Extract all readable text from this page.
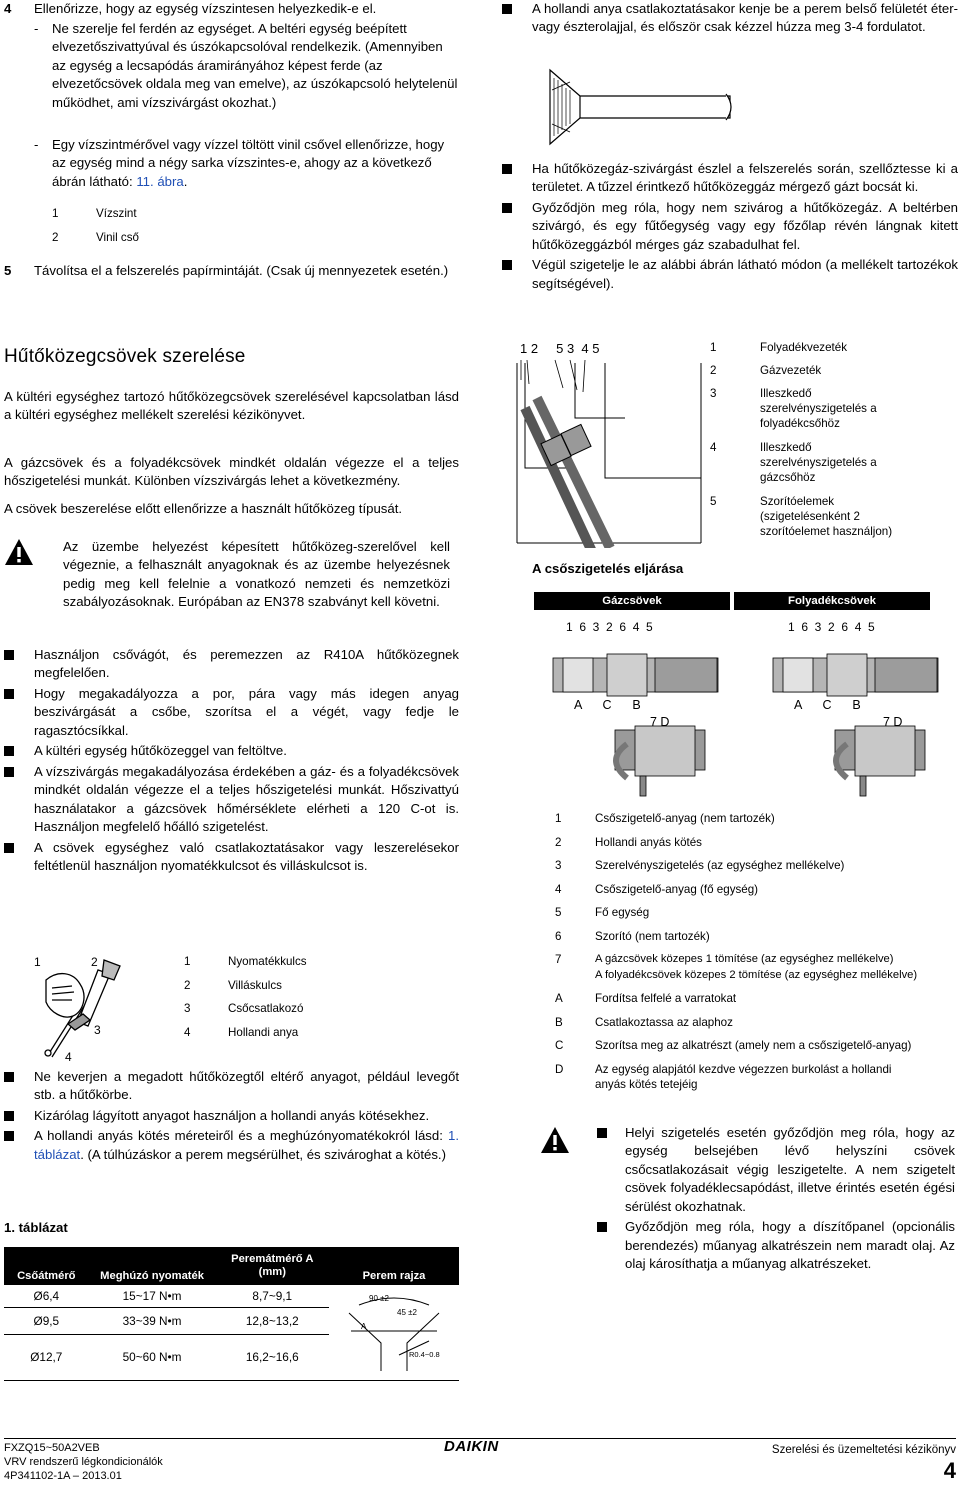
4 Ellenőrizze, hogy az egység vízszintesen helyezkedik-e el.
- Ne szerelje fel ferdén az egységet. A beltéri egység beépített elvezetőszivattyúval és úszókapcsolóval rendelkezik. (Amennyiben az egység a lecsapódás áramirányához képest ferde (az elvezetőcsövek oldala meg van emelve), az úszókapcsoló helytelenül működhet, ami vízszivárgást okozhat.)
- Egy vízszintmérővel vagy vízzel töltött vinil csővel ellenőrizze, hogy az egység mind a négy sarka vízszintes-e, ahogy az a következő ábrán látható: 11. ábra.
1	Vízszint
2	Vinil cső
5 Távolítsa el a felszerelés papírmintáját. (Csak új mennyezetek esetén.)
Hűtőközegcsövek szerelése
A kültéri egységhez tartozó hűtőközegcsövek szerelésével kapcsolatban lásd a kültéri egységhez mellékelt szerelési kézikönyvet.
A gázcsövek és a folyadékcsövek mindkét oldalán végezze el a teljes hőszigetelési munkát. Különben vízszivárgás lehet a következmény.
A csövek beszerelése előtt ellenőrizze a használt hűtőközeg típusát.
Az üzembe helyezést képesített hűtőközeg-szerelővel kell végeznie, a felhasznált anyagoknak és az üzembe helyezésnek pedig meg kell felelnie a vonatkozó nemzeti és nemzetközi szabályozásoknak. Európában az EN378 szabványt kell követni.
Használjon csővágót, és peremezzen az R410A hűtőközegnek megfelelően.
Hogy megakadályozza a por, pára vagy más idegen anyag beszivárgását a csőbe, szorítsa el a végét, vagy fedje le ragasztócsíkkal.
A kültéri egység hűtőközeggel van feltöltve.
A vízszivárgás megakadályozása érdekében a gáz- és a folyadékcsövek mindkét oldalán végezze el a teljes hőszigetelési munkát. Hőszivattyú használatakor a gázcsövek hőmérséklete elérheti a 120 C-ot is. Használjon megfelelő hőálló szigetelést.
A csövek egységhez való csatlakoztatásakor vagy leszerelésekor feltétlenül használjon nyomatékkulcsot és villáskulcsot is.
1	2
3
4
1	Nyomatékkulcs
2	Villáskulcs
3	Csőcsatlakozó
4	Hollandi anya
Ne keverjen a megadott hűtőközegtől eltérő anyagot, például levegőt stb. a hűtőkörbe.
Kizárólag lágyított anyagot használjon a hollandi anyás kötésekhez.
A hollandi anyás kötés méreteiről és a meghúzónyomatékokról lásd: 1. táblázat. (A túlhúzáskor a perem megsérülhet, és szivároghat a kötés.)
1. táblázat
Csőátmérő	Meghúzó nyomaték	Peremátmérő A (mm)	Perem rajza
Ø6,4	15~17 N•m	8,7~9,1	90 ±2
45 ±2
A
R0.4~0.8

Ø9,5	33~39 N•m	12,8~13,2	
Ø12,7	50~60 N•m	16,2~16,6	
A hollandi anya csatlakoztatásakor kenje be a perem belső felületét éter- vagy észterolajjal, és először csak kézzel húzza meg 3-4 fordulatot.
Ha hűtőközegáz-szivárgást észlel a felszerelés során, szellőztesse ki a területet. A tűzzel érintkező hűtőközeggáz mérgező gázt bocsát ki.
Győződjön meg róla, hogy nem szivárog a hűtőközegáz. A beltérben szivárgó, és egy fűtőegység vagy egy főzőlap révén lángnak kitett hűtőközeggázból mérges gáz szabadulhat fel.
Végül szigetelje le az alábbi ábrán látható módon (a mellékelt tartozékok segítségével).
1 2     5 3  4 5	1	Folyadékvezeték
2	Gázvezeték
3	Illeszkedő szerelvényszigetelés a folyadékcsőhöz
4	Illeszkedő szerelvényszigetelés a gázcsőhöz
5	Szorítóelemek (szigetelésenként 2 szorítóelemet használjon)
A csőszigetelés eljárása
Gázcsövek	Folyadékcsövek
1  6  3  2  6  4  5	1  6  3  2  6  4  5
A      C      B
7 D
A      C      B
7 D
1	Csőszigetelő-anyag (nem tartozék)
2	Hollandi anyás kötés
3	Szerelvényszigetelés (az egységhez mellékelve)
4	Csőszigetelő-anyag (fő egység)
5	Fő egység
6	Szorító (nem tartozék)
7	A gázcsövek közepes 1 tömítése (az egységhez mellékelve)
A folyadékcsövek közepes 2 tömítése (az egységhez mellékelve)
A	Fordítsa felfelé a varratokat
B	Csatlakoztassa az alaphoz
C	Szorítsa meg az alkatrészt (amely nem a csőszigetelő-anyag)
D	Az egység alapjától kezdve végezzen burkolást a hollandi anyás kötés tetejéig
Helyi szigetelés esetén győződjön meg róla, hogy az egység belsejében lévő helyszíni csövek csőcsatlakozásait végig leszigetelte. A nem szigetelt csövek folyadéklecsapódást, illetve érintés esetén égési sérülést okozhatnak.
Győződjön meg róla, hogy a díszítőpanel (opcionális berendezés) műanyag alkatrészein nem maradt olaj. Az olaj károsíthatja a műanyag alkatrészeket.
FXZQ15~50A2VEB
VRV rendszerű légkondicionálók
4P341102-1A – 2013.01
DAIKIN	Szerelési és üzemeltetési kézikönyv
4
